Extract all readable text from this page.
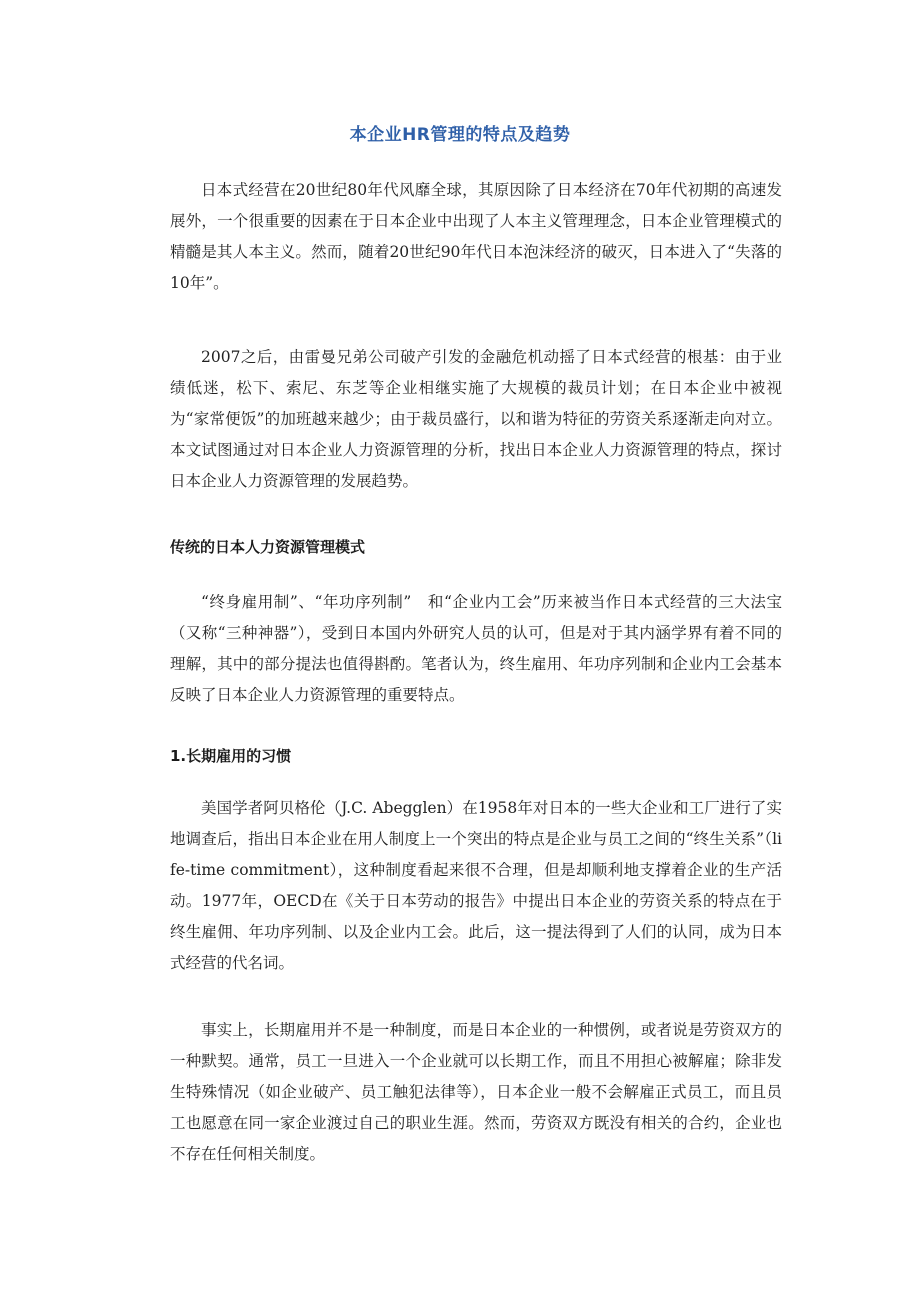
本企业HR管理的特点及趋势
日本式经营在20世纪80年代风靡全球，其原因除了日本经济在70年代初期的高速发展外，一个很重要的因素在于日本企业中出现了人本主义管理理念，日本企业管理模式的精髓是其人本主义。然而，随着20世纪90年代日本泡沫经济的破灭，日本进入了“失落的10年”。
2007之后，由雷曼兄弟公司破产引发的金融危机动摇了日本式经营的根基：由于业绩低迷，松下、索尼、东芝等企业相继实施了大规模的裁员计划；在日本企业中被视为“家常便饭”的加班越来越少；由于裁员盛行，以和谐为特征的劳资关系逐渐走向对立。本文试图通过对日本企业人力资源管理的分析，找出日本企业人力资源管理的特点，探讨日本企业人力资源管理的发展趋势。
传统的日本人力资源管理模式
“终身雇用制”、“年功序列制”　和“企业内工会”历来被当作日本式经营的三大法宝（又称“三种神器”），受到日本国内外研究人员的认可，但是对于其内涵学界有着不同的理解，其中的部分提法也值得斟酌。笔者认为，终生雇用、年功序列制和企业内工会基本反映了日本企业人力资源管理的重要特点。
1.长期雇用的习惯
美国学者阿贝格伦（J.C. Abegglen）在1958年对日本的一些大企业和工厂进行了实地调查后，指出日本企业在用人制度上一个突出的特点是企业与员工之间的“终生关系”（life-time commitment），这种制度看起来很不合理，但是却顺利地支撑着企业的生产活动。1977年，OECD在《关于日本劳动的报告》中提出日本企业的劳资关系的特点在于终生雇佣、年功序列制、以及企业内工会。此后，这一提法得到了人们的认同，成为日本式经营的代名词。
事实上，长期雇用并不是一种制度，而是日本企业的一种惯例，或者说是劳资双方的一种默契。通常，员工一旦进入一个企业就可以长期工作，而且不用担心被解雇；除非发生特殊情况（如企业破产、员工触犯法律等），日本企业一般不会解雇正式员工，而且员工也愿意在同一家企业渡过自己的职业生涯。然而，劳资双方既没有相关的合约，企业也不存在任何相关制度。
